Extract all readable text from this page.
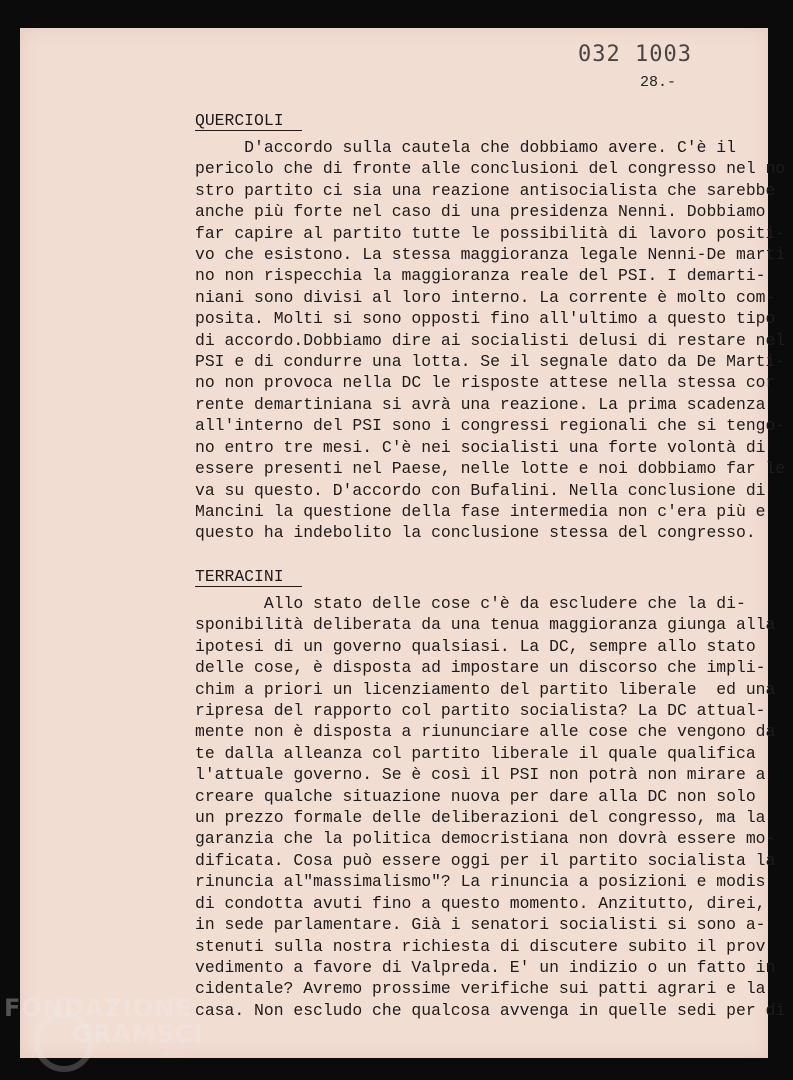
032 1003
28.-
QUERCIOLI
D'accordo sulla cautela che dobbiamo avere. C'è il
pericolo che di fronte alle conclusioni del congresso nel no
stro partito ci sia una reazione antisocialista che sarebbe
anche più forte nel caso di una presidenza Nenni. Dobbiamo
far capire al partito tutte le possibilità di lavoro positi-
vo che esistono. La stessa maggioranza legale Nenni-De marti
no non rispecchia la maggioranza reale del PSI. I demarti-
niani sono divisi al loro interno. La corrente è molto com-
posita. Molti si sono opposti fino all'ultimo a questo tipo
di accordo.Dobbiamo dire ai socialisti delusi di restare nel
PSI e di condurre una lotta. Se il segnale dato da De Marti-
no non provoca nella DC le risposte attese nella stessa cor
rente demartiniana si avrà una reazione. La prima scadenza
all'interno del PSI sono i congressi regionali che si tengo-
no entro tre mesi. C'è nei socialisti una forte volontà di
essere presenti nel Paese, nelle lotte e noi dobbiamo far le
va su questo. D'accordo con Bufalini. Nella conclusione di
Mancini la questione della fase intermedia non c'era più e
questo ha indebolito la conclusione stessa del congresso.
TERRACINI
Allo stato delle cose c'è da escludere che la di-
sponibilità deliberata da una tenua maggioranza giunga alla
ipotesi di un governo qualsiasi. La DC, sempre allo stato
delle cose, è disposta ad impostare un discorso che impli-
chim a priori un licenziamento del partito liberale  ed una
ripresa del rapporto col partito socialista? La DC attual-
mente non è disposta a riununciare alle cose che vengono da
te dalla alleanza col partito liberale il quale qualifica
l'attuale governo. Se è così il PSI non potrà non mirare a
creare qualche situazione nuova per dare alla DC non solo
un prezzo formale delle deliberazioni del congresso, ma la
garanzia che la politica democristiana non dovrà essere mo-
dificata. Cosa può essere oggi per il partito socialista la
rinuncia al"massimalismo"? La rinuncia a posizioni e modis
di condotta avuti fino a questo momento. Anzitutto, direi,
in sede parlamentare. Già i senatori socialisti si sono a-
stenuti sulla nostra richiesta di discutere subito il prov
vedimento a favore di Valpreda. E' un indizio o un fatto in
cidentale? Avremo prossime verifiche sui patti agrari e la
casa. Non escludo che qualcosa avvenga in quelle sedi per di
FONDAZIONE
GRAMSCI
onlus
